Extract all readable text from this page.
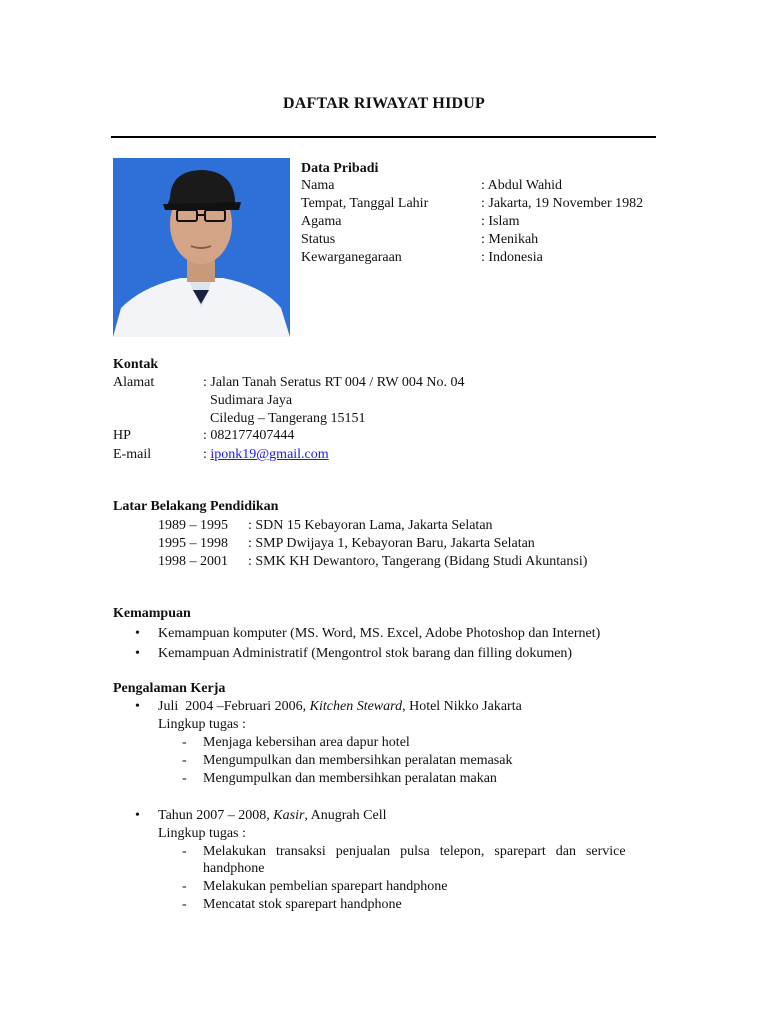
DAFTAR RIWAYAT HIDUP
Data Pribadi
Nama	: Abdul Wahid
Tempat, Tanggal Lahir	: Jakarta, 19 November 1982
Agama	: Islam
Status	: Menikah
Kewarganegaraan	: Indonesia
Kontak
Alamat	: Jalan Tanah Seratus RT 004 / RW 004 No. 04
Sudimara Jaya
Ciledug – Tangerang 15151
HP	: 082177407444
E-mail	: iponk19@gmail.com
Latar Belakang Pendidikan
1989 – 1995 : SDN 15 Kebayoran Lama, Jakarta Selatan
1995 – 1998 : SMP Dwijaya 1, Kebayoran Baru, Jakarta Selatan
1998 – 2001 : SMK KH Dewantoro, Tangerang (Bidang Studi Akuntansi)
Kemampuan
• Kemampuan komputer (MS. Word, MS. Excel, Adobe Photoshop dan Internet)
• Kemampuan Administratif (Mengontrol stok barang dan filling dokumen)
Pengalaman Kerja
• Juli  2004 –Februari 2006, Kitchen Steward, Hotel Nikko Jakarta
Lingkup tugas :
- Menjaga kebersihan area dapur hotel
- Mengumpulkan dan membersihkan peralatan memasak
- Mengumpulkan dan membersihkan peralatan makan
• Tahun 2007 – 2008, Kasir, Anugrah Cell
Lingkup tugas :
- Melakukan transaksi penjualan pulsa telepon, sparepart dan service
handphone
- Melakukan pembelian sparepart handphone
- Mencatat stok sparepart handphone
